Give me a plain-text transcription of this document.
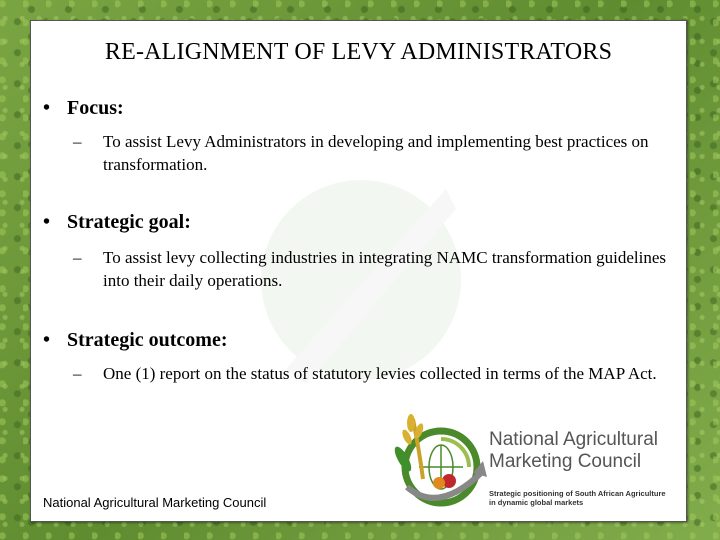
RE-ALIGNMENT OF LEVY ADMINISTRATORS
• Focus:
–	To assist Levy Administrators in developing and implementing best practices on transformation.
• Strategic goal:
–	To assist levy collecting industries in integrating NAMC transformation guidelines into their daily operations.
• Strategic outcome:
–	One (1) report on the status of statutory levies collected in terms of the MAP Act.
National Agricultural Marketing Council
National Agricultural
Marketing Council
Strategic positioning of South African Agriculture
in dynamic global markets
